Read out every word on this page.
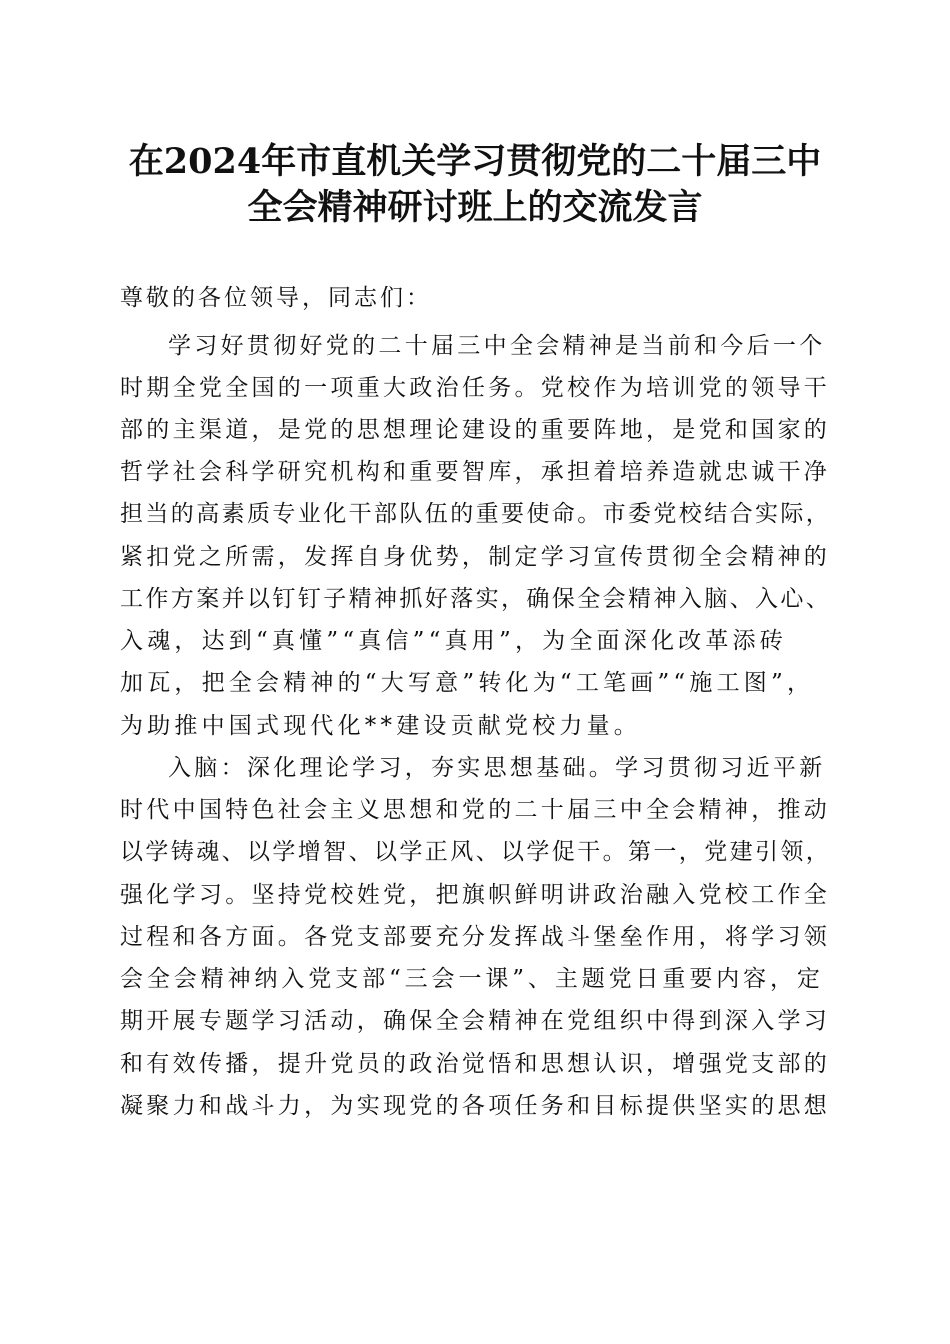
在2024年市直机关学习贯彻党的二十届三中
全会精神研讨班上的交流发言
尊敬的各位领导，同志们：
学习好贯彻好党的二十届三中全会精神是当前和今后一个
时期全党全国的一项重大政治任务。党校作为培训党的领导干
部的主渠道，是党的思想理论建设的重要阵地，是党和国家的
哲学社会科学研究机构和重要智库，承担着培养造就忠诚干净
担当的高素质专业化干部队伍的重要使命。市委党校结合实际，
紧扣党之所需，发挥自身优势，制定学习宣传贯彻全会精神的
工作方案并以钉钉子精神抓好落实，确保全会精神入脑、入心、
入魂，达到“真懂”“真信”“真用”，为全面深化改革添砖
加瓦，把全会精神的“大写意”转化为“工笔画”“施工图”，
为助推中国式现代化**建设贡献党校力量。
入脑：深化理论学习，夯实思想基础。学习贯彻习近平新
时代中国特色社会主义思想和党的二十届三中全会精神，推动
以学铸魂、以学增智、以学正风、以学促干。第一，党建引领，
强化学习。坚持党校姓党，把旗帜鲜明讲政治融入党校工作全
过程和各方面。各党支部要充分发挥战斗堡垒作用，将学习领
会全会精神纳入党支部“三会一课”、主题党日重要内容，定
期开展专题学习活动，确保全会精神在党组织中得到深入学习
和有效传播，提升党员的政治觉悟和思想认识，增强党支部的
凝聚力和战斗力，为实现党的各项任务和目标提供坚实的思想
